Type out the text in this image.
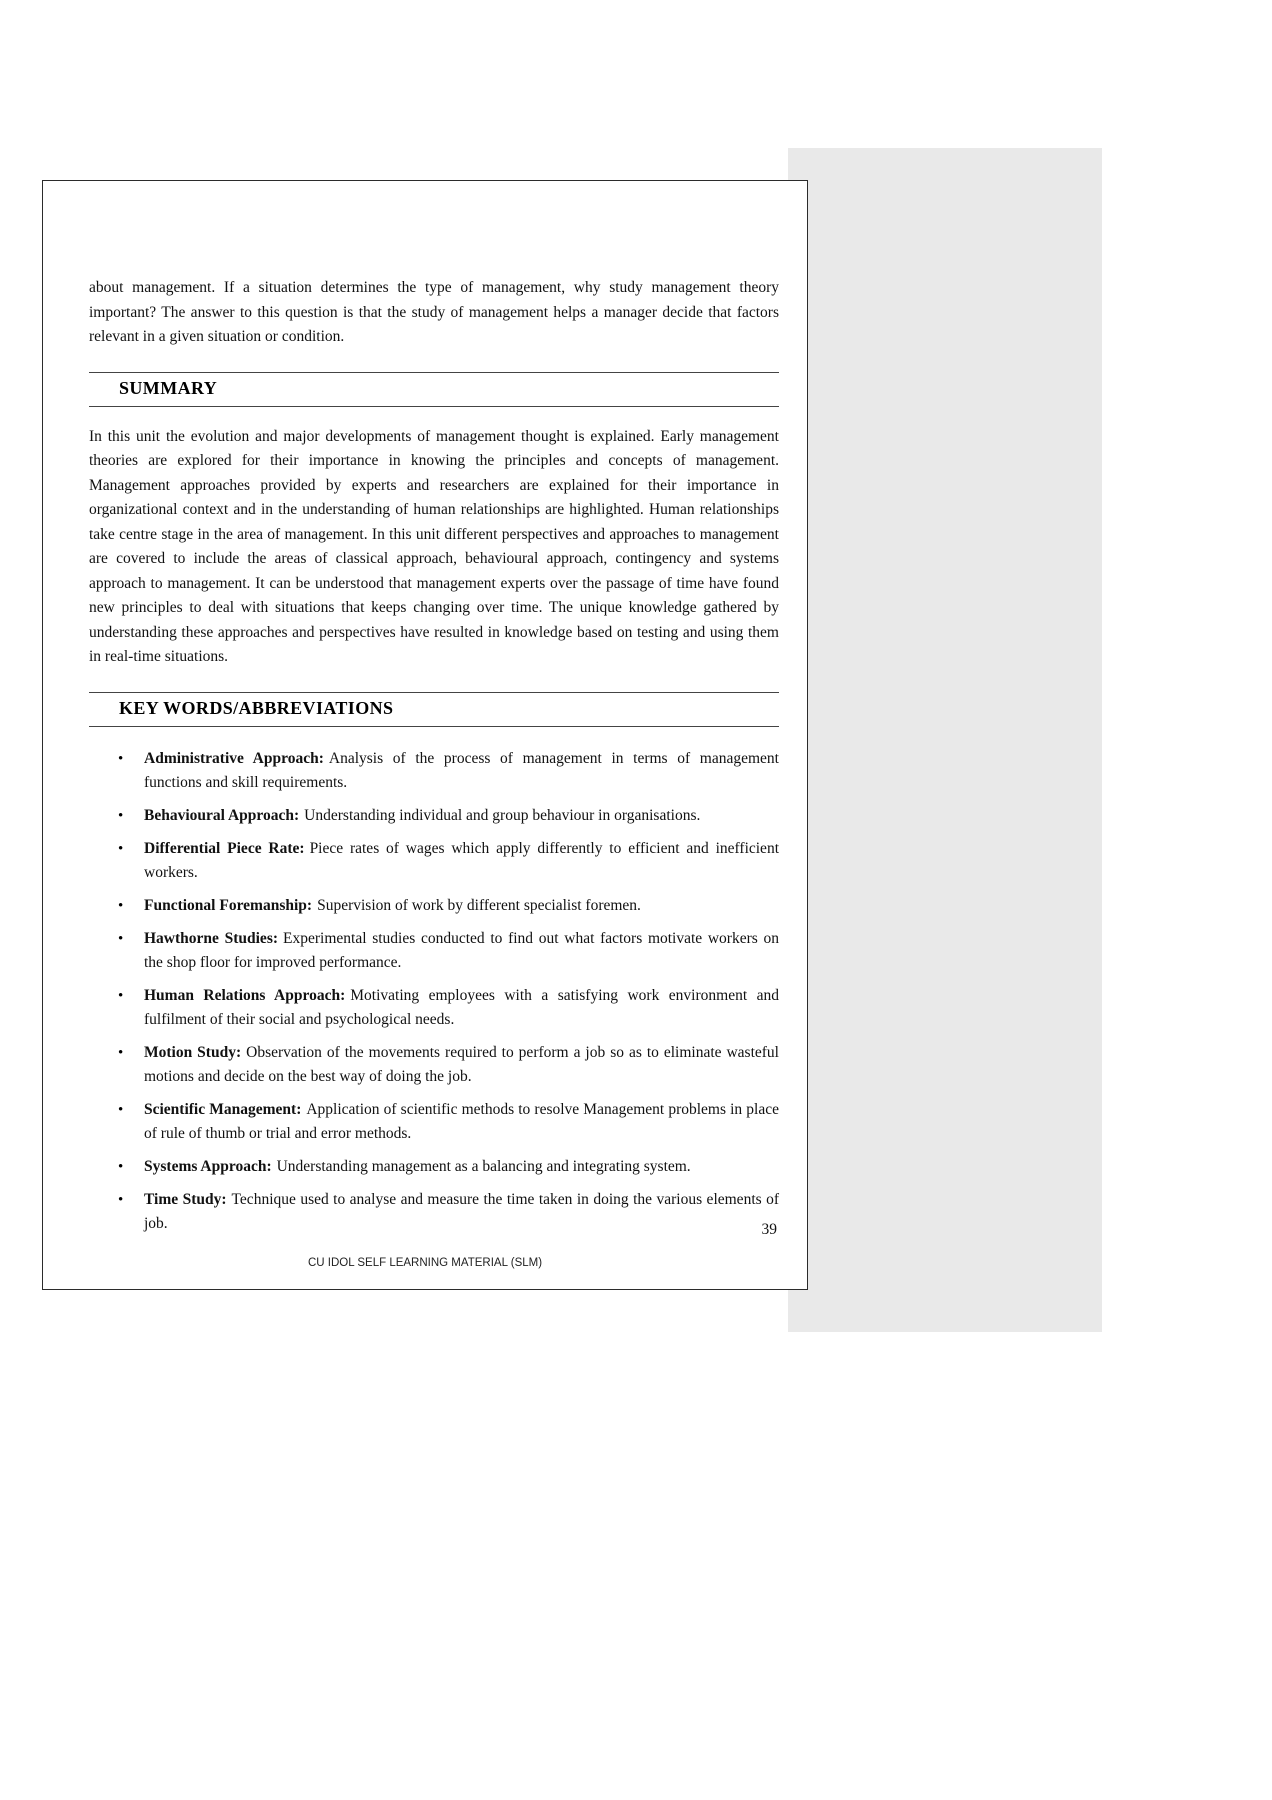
about management. If a situation determines the type of management, why study management theory important? The answer to this question is that the study of management helps a manager decide that factors relevant in a given situation or condition.

SUMMARY

In this unit the evolution and major developments of management thought is explained. Early management theories are explored for their importance in knowing the principles and concepts of management. Management approaches provided by experts and researchers are explained for their importance in organizational context and in the understanding of human relationships are highlighted. Human relationships take centre stage in the area of management. In this unit different perspectives and approaches to management are covered to include the areas of classical approach, behavioural approach, contingency and systems approach to management. It can be understood that management experts over the passage of time have found new principles to deal with situations that keeps changing over time. The unique knowledge gathered by understanding these approaches and perspectives have resulted in knowledge based on testing and using them in real-time situations.

KEY WORDS/ABBREVIATIONS
• Administrative Approach: Analysis of the process of management in terms of management functions and skill requirements.
• Behavioural Approach: Understanding individual and group behaviour in organisations.
• Differential Piece Rate: Piece rates of wages which apply differently to efficient and inefficient workers.
• Functional Foremanship: Supervision of work by different specialist foremen.
• Hawthorne Studies: Experimental studies conducted to find out what factors motivate workers on the shop floor for improved performance.
• Human Relations Approach: Motivating employees with a satisfying work environment and fulfilment of their social and psychological needs.
• Motion Study: Observation of the movements required to perform a job so as to eliminate wasteful motions and decide on the best way of doing the job.
• Scientific Management: Application of scientific methods to resolve Management problems in place of rule of thumb or trial and error methods.
• Systems Approach: Understanding management as a balancing and integrating system.
• Time Study: Technique used to analyse and measure the time taken in doing the various elements of job.	39
CU IDOL SELF LEARNING MATERIAL (SLM)
